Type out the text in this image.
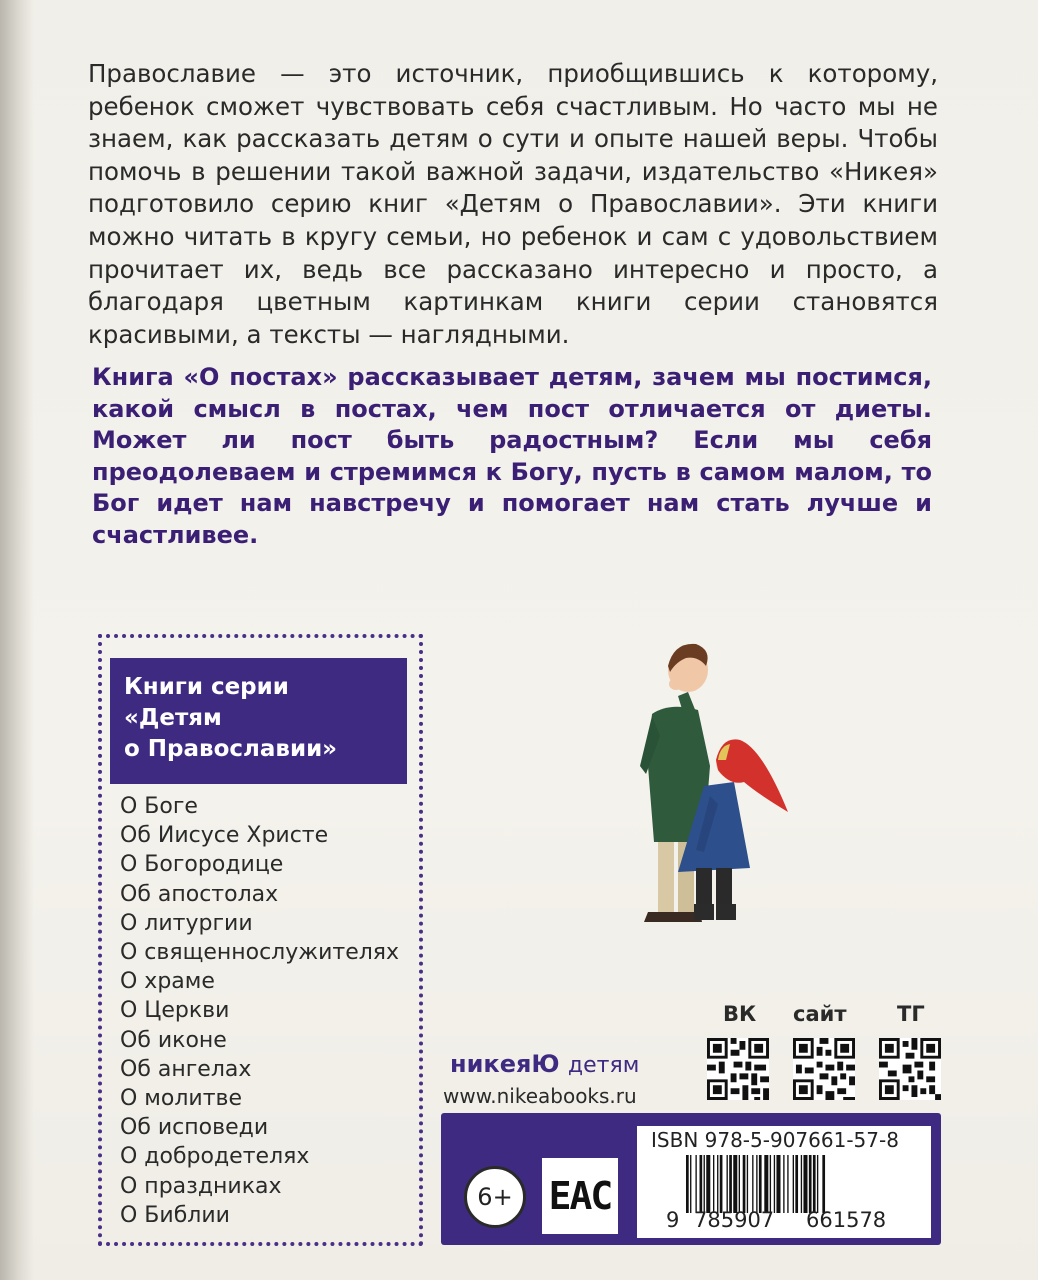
Православие — это источник, приобщившись к которому, ребенок сможет чувствовать себя счастливым. Но часто мы не знаем, как рассказать детям о сути и опыте нашей веры. Чтобы помочь в решении такой важной задачи, издательство «Никея» подготовило серию книг «Детям о Православии». Эти книги можно читать в кругу семьи, но ребенок и сам с удовольствием прочитает их, ведь все рассказано интересно и просто, а благодаря цветным картинкам книги серии становятся красивыми, а тексты — наглядными.

Книга «О постах» рассказывает детям, зачем мы постимся, какой смысл в постах, чем пост отличается от диеты. Может ли пост быть радостным? Если мы себя преодолеваем и стремимся к Богу, пусть в самом малом, то Бог идет нам навстречу и помогает нам стать лучше и счастливее.

Книги серии
«Детям
о Православии»
О Боге
Об Иисусе Христе
О Богородице
Об апостолах
О литургии
О священнослужителях
О храме
О Церкви
Об иконе
Об ангелах
О молитве
Об исповеди
О добродетелях
О праздниках
О Библии
ВК сайт ТГ
никеяЮ детям
www.nikeabooks.ru
6+ ЕАС
ISBN 978-5-907661-57-8
9 785907 661578
